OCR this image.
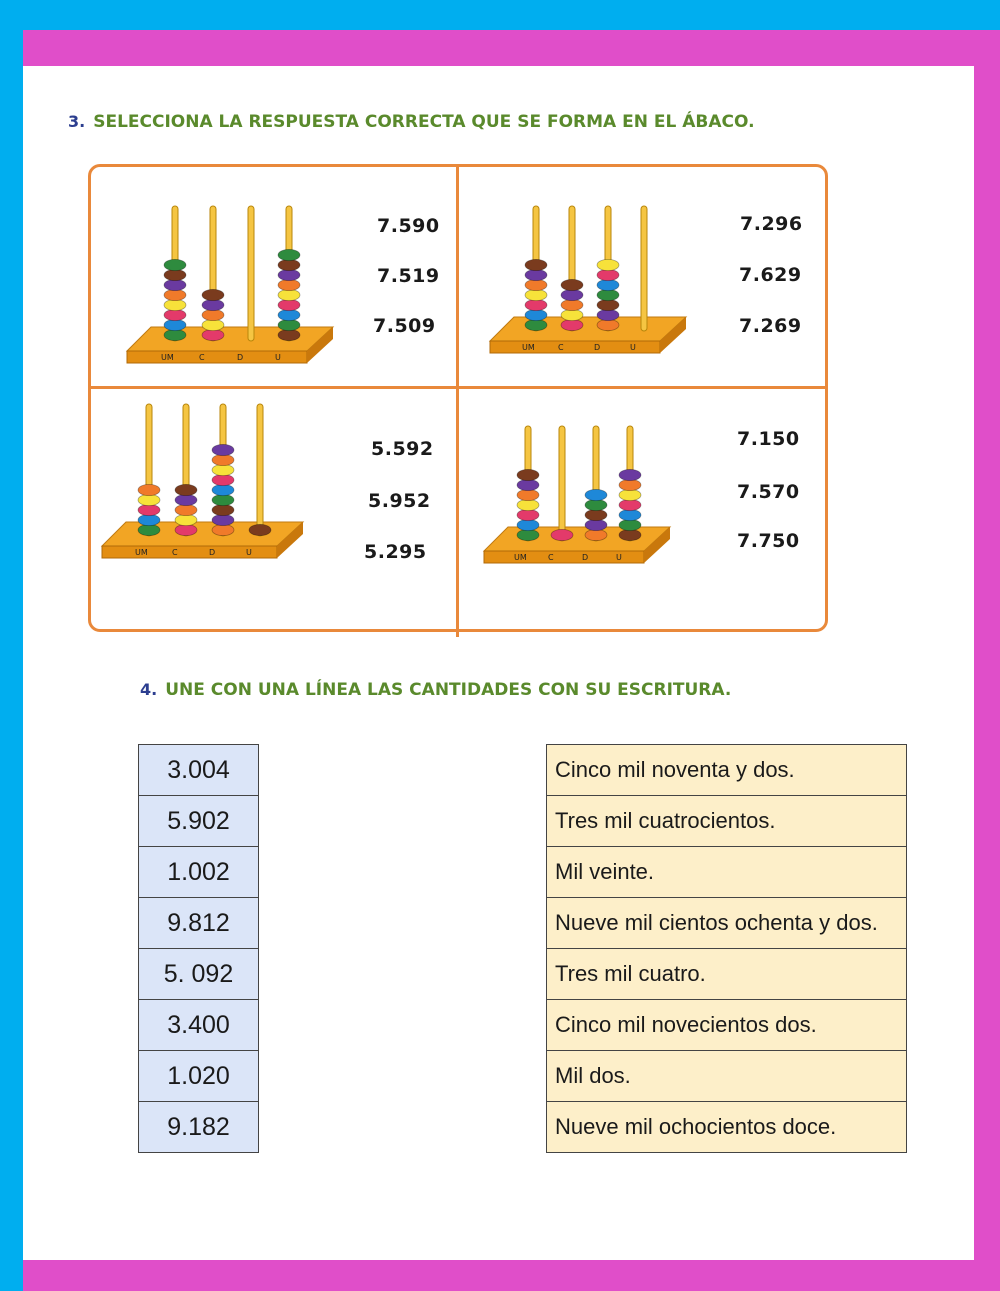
3. SELECCIONA LA RESPUESTA CORRECTA QUE SE FORMA EN EL ÁBACO.
UM	C	D	U
UM	C	D	U
UM	C	D	U
UM	C	D	U
7.590
7.519
7.509
7.296
7.629
7.269
5.592
5.952
5.295
7.150
7.570
7.750
4. UNE CON UNA LÍNEA LAS CANTIDADES CON SU ESCRITURA.
3.004
5.902
1.002
9.812
5. 092
3.400
1.020
9.182
Cinco mil noventa y dos.
Tres mil cuatrocientos.
Mil veinte.
Nueve mil cientos ochenta y dos.
Tres mil cuatro.
Cinco mil novecientos dos.
Mil dos.
Nueve mil ochocientos doce.
